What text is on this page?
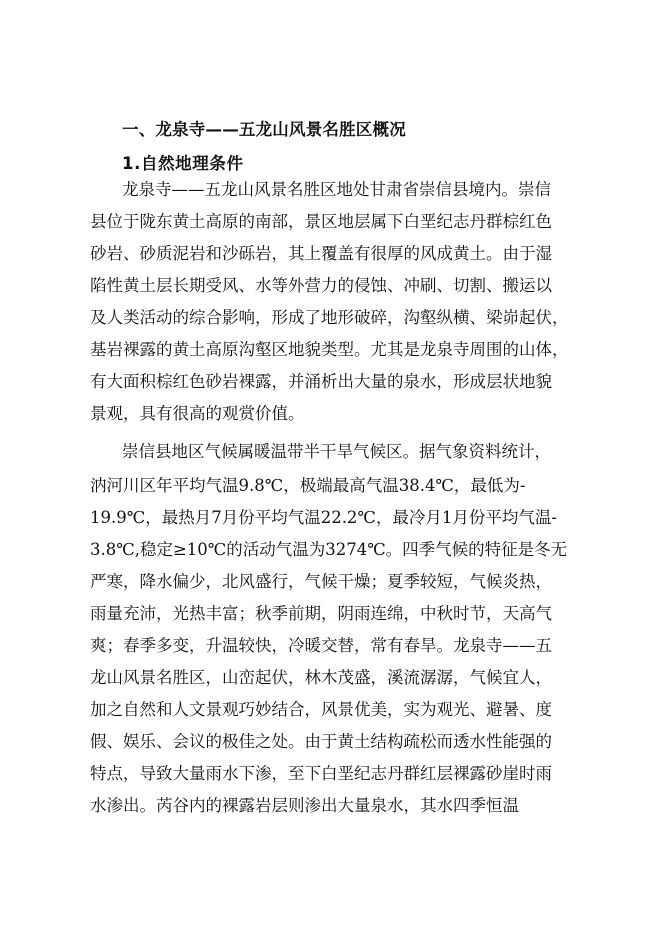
一、龙泉寺——五龙山风景名胜区概况
1.自然地理条件
龙泉寺——五龙山风景名胜区地处甘肃省崇信县境内。崇信
县位于陇东黄土高原的南部，景区地层属下白垩纪志丹群棕红色
砂岩、砂质泥岩和沙砾岩，其上覆盖有很厚的风成黄土。由于湿
陷性黄土层长期受风、水等外营力的侵蚀、冲刷、切割、搬运以
及人类活动的综合影响，形成了地形破碎，沟壑纵横、梁峁起伏，
基岩裸露的黄土高原沟壑区地貌类型。尤其是龙泉寺周围的山体，
有大面积棕红色砂岩裸露，并涌析出大量的泉水，形成层状地貌
景观，具有很高的观赏价值。
崇信县地区气候属暖温带半干旱气候区。据气象资料统计，
汭河川区年平均气温9.8℃，极端最高气温38.4℃，最低为-
19.9℃，最热月7月份平均气温22.2℃，最冷月1月份平均气温-
3.8℃,稳定≥10℃的活动气温为3274℃。四季气候的特征是冬无
严寒，降水偏少，北风盛行，气候干燥；夏季较短，气候炎热，
雨量充沛，光热丰富；秋季前期，阴雨连绵，中秋时节，天高气
爽；春季多变，升温较快，冷暖交替，常有春旱。龙泉寺——五
龙山风景名胜区，山峦起伏，林木茂盛，溪流潺潺，气候宜人，
加之自然和人文景观巧妙结合，风景优美，实为观光、避暑、度
假、娱乐、会议的极佳之处。由于黄土结构疏松而透水性能强的
特点，导致大量雨水下渗，至下白垩纪志丹群红层裸露砂崖时雨
水渗出。芮谷内的裸露岩层则渗出大量泉水，其水四季恒温
